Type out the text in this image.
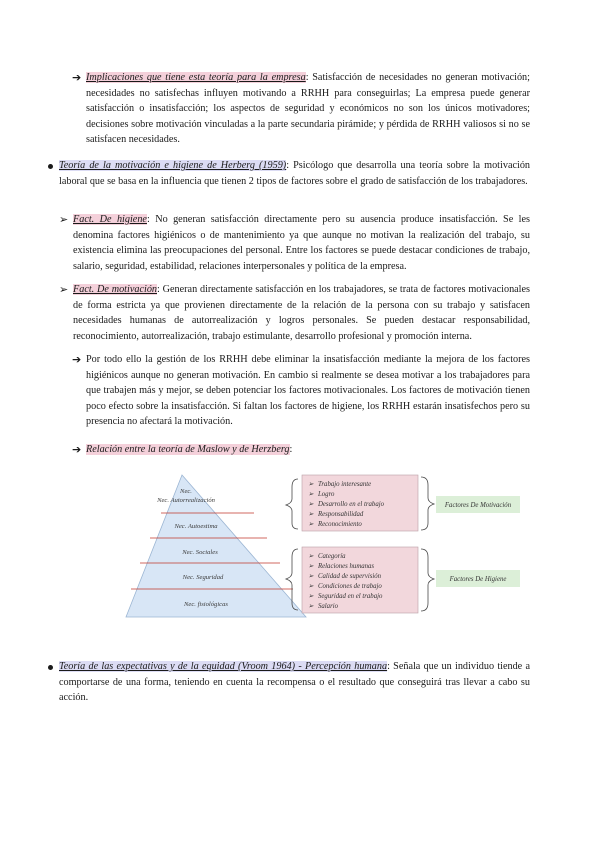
➔ Implicaciones que tiene esta teoría para la empresa: Satisfacción de necesidades no generan motivación; necesidades no satisfechas influyen motivando a RRHH para conseguirlas; La empresa puede generar satisfacción o insatisfacción; los aspectos de seguridad y económicos no son los únicos motivadores; decisiones sobre motivación vinculadas a la parte secundaria pirámide; y pérdida de RRHH valiosos si no se satisfacen necesidades.
Teoría de la motivación e higiene de Herberg (1959): Psicólogo que desarrolla una teoría sobre la motivación laboral que se basa en la influencia que tienen 2 tipos de factores sobre el grado de satisfacción de los trabajadores.
➢ Fact. De higiene: No generan satisfacción directamente pero su ausencia produce insatisfacción. Se les denomina factores higiénicos o de mantenimiento ya que aunque no motivan la realización del trabajo, su existencia elimina las preocupaciones del personal. Entre los factores se puede destacar condiciones de trabajo, salario, seguridad, estabilidad, relaciones interpersonales y política de la empresa.
➢ Fact. De motivación: Generan directamente satisfacción en los trabajadores, se trata de factores motivacionales de forma estricta ya que provienen directamente de la relación de la persona con su trabajo y satisfacen necesidades humanas de autorrealización y logros personales. Se pueden destacar responsabilidad, reconocimiento, autorrealización, trabajo estimulante, desarrollo profesional y promoción interna.
➔ Por todo ello la gestión de los RRHH debe eliminar la insatisfacción mediante la mejora de los factores higiénicos aunque no generan motivación. En cambio si realmente se desea motivar a los trabajadores para que trabajen más y mejor, se deben potenciar los factores motivacionales. Los factores de motivación tienen poco efecto sobre la insatisfacción. Si faltan los factores de higiene, los RRHH estarán insatisfechos pero su presencia no afectará la motivación.
➔ Relación entre la teoría de Maslow y de Herzberg:
Nec.
Nec. Autorrealización
Nec. Autoestima
Nec. Sociales
Nec. Seguridad
Nec. fisiológicas
➢ Trabajo interesante
➢ Logro
➢ Desarrollo en el trabajo
➢ Responsabilidad
➢ Reconocimiento
➢ Categoría
➢ Relaciones humanas
➢ Calidad de supervisión
➢ Condiciones de trabajo
➢ Seguridad en el trabajo
➢ Salario
Factores De Motivación
Factores De Higiene
Teoría de las expectativas y de la equidad (Vroom 1964) - Percepción humana: Señala que un individuo tiende a comportarse de una forma, teniendo en cuenta la recompensa o el resultado que conseguirá tras llevar a cabo su acción.
